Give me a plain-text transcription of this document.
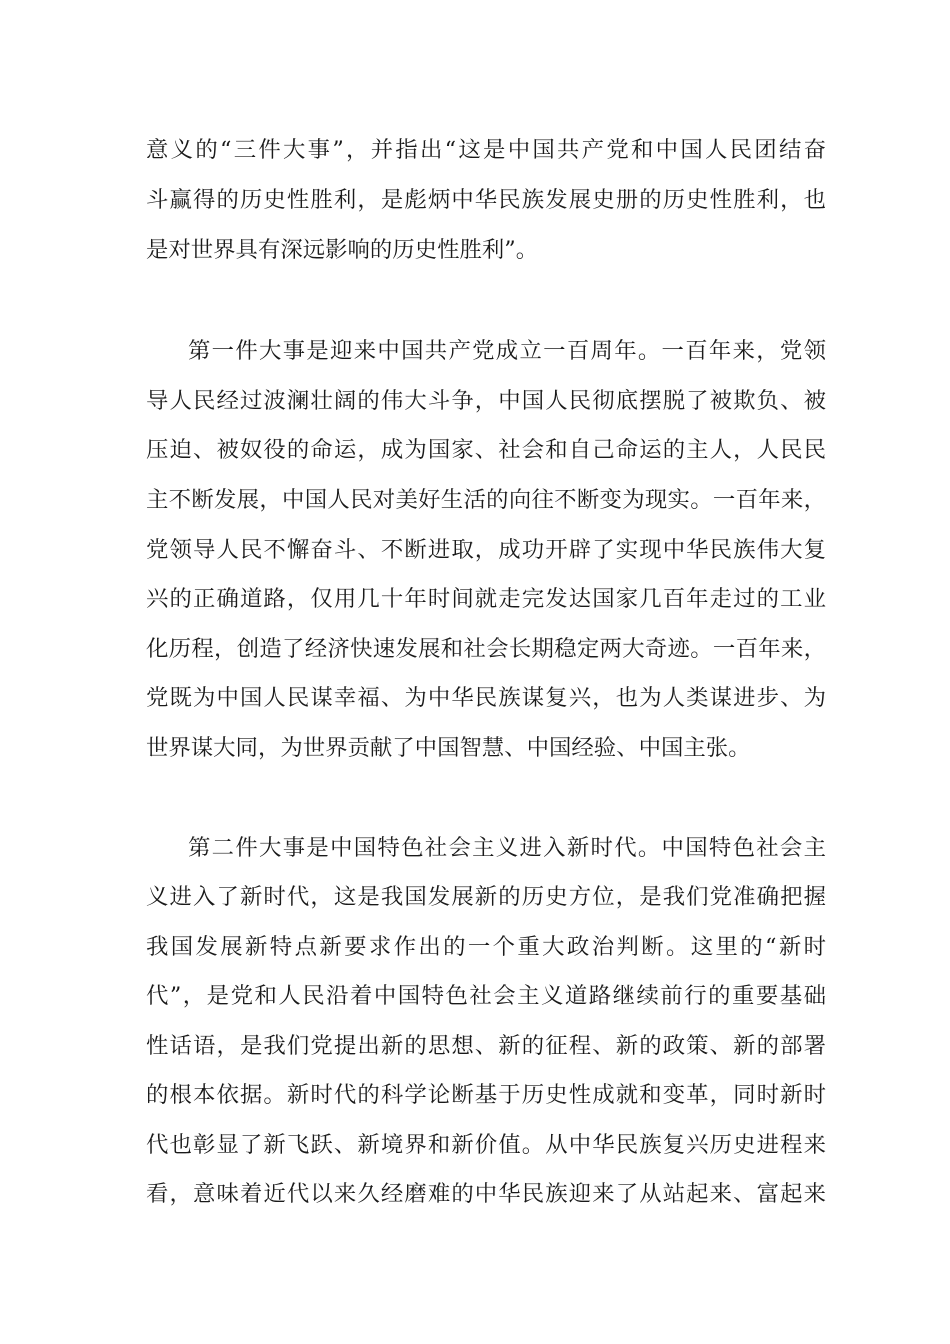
意义的“三件大事”，并指出“这是中国共产党和中国人民团结奋
斗赢得的历史性胜利，是彪炳中华民族发展史册的历史性胜利，也
是对世界具有深远影响的历史性胜利”。
第一件大事是迎来中国共产党成立一百周年。一百年来，党领
导人民经过波澜壮阔的伟大斗争，中国人民彻底摆脱了被欺负、被
压迫、被奴役的命运，成为国家、社会和自己命运的主人，人民民
主不断发展，中国人民对美好生活的向往不断变为现实。一百年来，
党领导人民不懈奋斗、不断进取，成功开辟了实现中华民族伟大复
兴的正确道路，仅用几十年时间就走完发达国家几百年走过的工业
化历程，创造了经济快速发展和社会长期稳定两大奇迹。一百年来，
党既为中国人民谋幸福、为中华民族谋复兴，也为人类谋进步、为
世界谋大同，为世界贡献了中国智慧、中国经验、中国主张。
第二件大事是中国特色社会主义进入新时代。中国特色社会主
义进入了新时代，这是我国发展新的历史方位，是我们党准确把握
我国发展新特点新要求作出的一个重大政治判断。这里的“新时
代”，是党和人民沿着中国特色社会主义道路继续前行的重要基础
性话语，是我们党提出新的思想、新的征程、新的政策、新的部署
的根本依据。新时代的科学论断基于历史性成就和变革，同时新时
代也彰显了新飞跃、新境界和新价值。从中华民族复兴历史进程来
看，意味着近代以来久经磨难的中华民族迎来了从站起来、富起来
